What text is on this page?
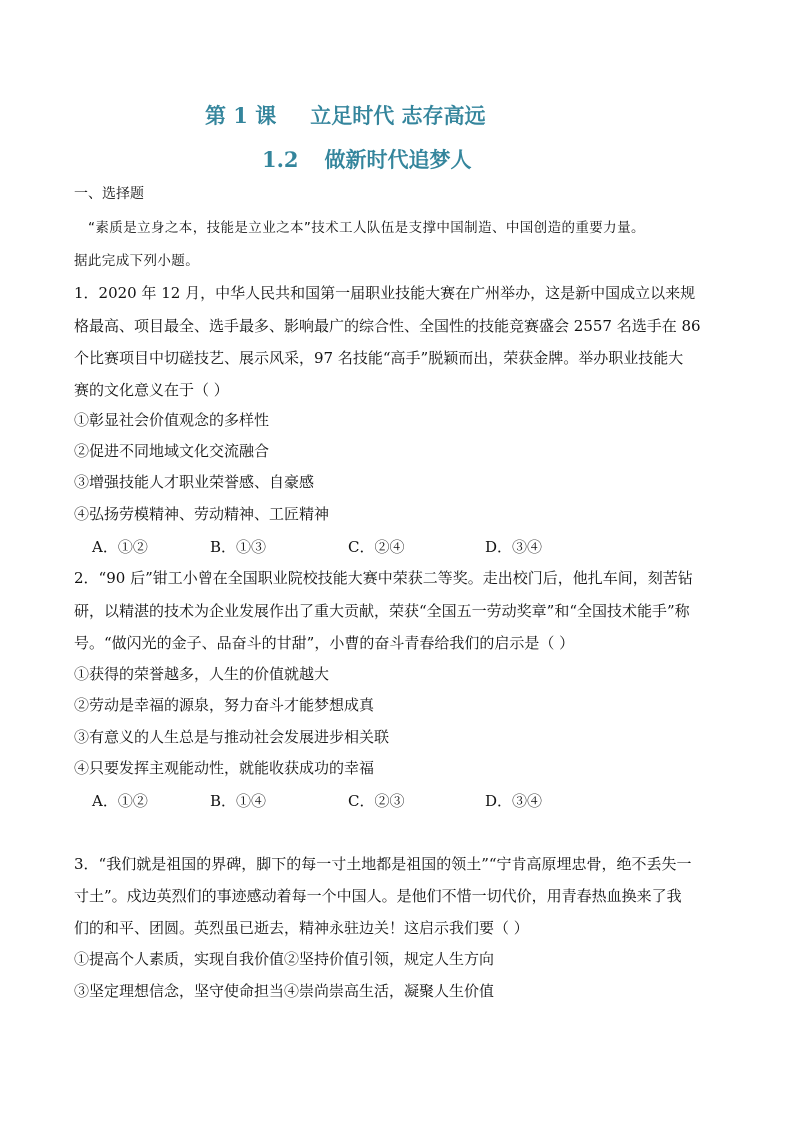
第 1 课 立足时代 志存高远
1.2 做新时代追梦人
一、选择题
“素质是立身之本，技能是立业之本”技术工人队伍是支撑中国制造、中国创造的重要力量。
据此完成下列小题。
1．2020 年 12 月，中华人民共和国第一届职业技能大赛在广州举办，这是新中国成立以来规
格最高、项目最全、选手最多、影响最广的综合性、全国性的技能竞赛盛会 2557 名选手在 86
个比赛项目中切磋技艺、展示风采，97 名技能“高手”脱颖而出，荣获金牌。举办职业技能大
赛的文化意义在于（ ）
①彰显社会价值观念的多样性
②促进不同地域文化交流融合
③增强技能人才职业荣誉感、自豪感
④弘扬劳模精神、劳动精神、工匠精神
A．①②	B．①③	C．②④	D．③④
2．“90 后”钳工小曾在全国职业院校技能大赛中荣获二等奖。走出校门后，他扎车间，刻苦钻
研，以精湛的技术为企业发展作出了重大贡献，荣获“全国五一劳动奖章”和“全国技术能手”称
号。“做闪光的金子、品奋斗的甘甜”，小曹的奋斗青春给我们的启示是（ ）
①获得的荣誉越多，人生的价值就越大
②劳动是幸福的源泉，努力奋斗才能梦想成真
③有意义的人生总是与推动社会发展进步相关联
④只要发挥主观能动性，就能收获成功的幸福
A．①②	B．①④	C．②③	D．③④
3．“我们就是祖国的界碑，脚下的每一寸土地都是祖国的领土”“宁肯高原埋忠骨，绝不丢失一
寸土”。戍边英烈们的事迹感动着每一个中国人。是他们不惜一切代价，用青春热血换来了我
们的和平、团圆。英烈虽已逝去，精神永驻边关！这启示我们要（ ）
①提高个人素质，实现自我价值②坚持价值引领，规定人生方向
③坚定理想信念，坚守使命担当④崇尚崇高生活，凝聚人生价值
